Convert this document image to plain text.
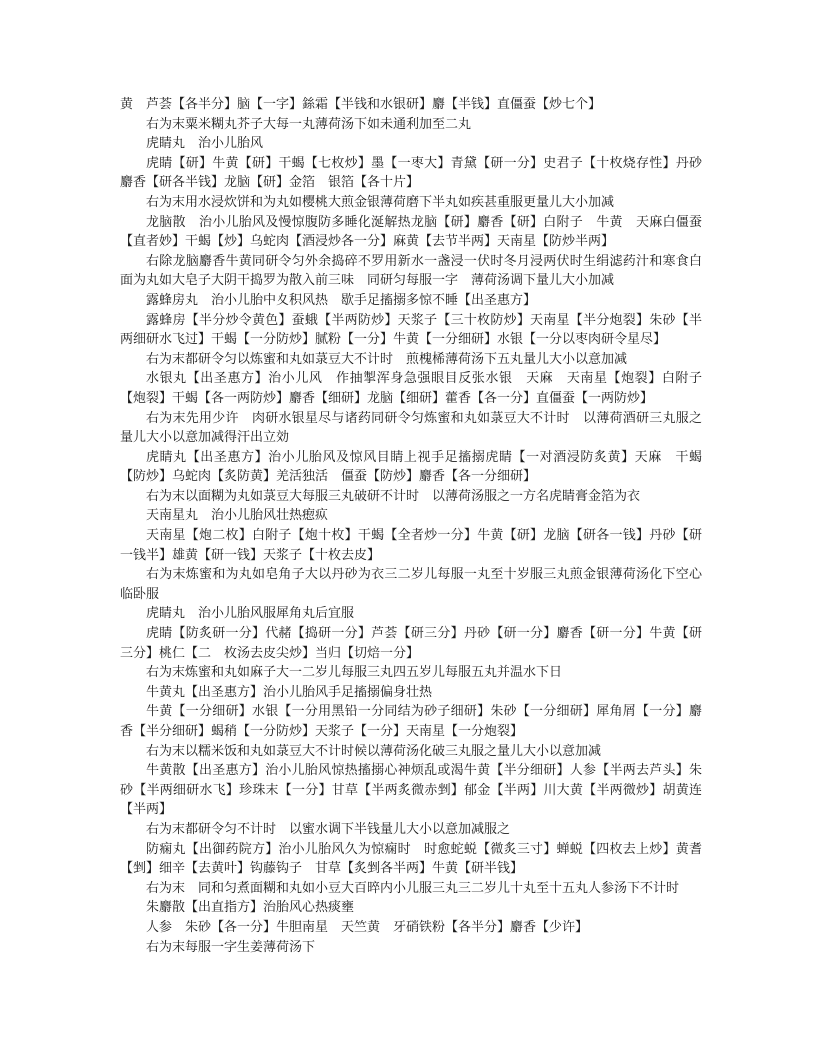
黄　芦荟【各半分】脑【一字】銯霜【半钱和水银研】麝【半钱】直僵蚕【炒七个】

右为末粟米糊丸芥子大每一丸薄荷汤下如未通利加至二丸

虎睛丸　治小儿胎风

虎睛【研】牛黄【研】干蝎【七枚炒】墨【一枣大】青黛【研一分】史君子【十枚烧存性】丹砂　麝香【研各半钱】龙脑【研】金箔　银箔【各十片】

右为末用水浸炊饼和为丸如樱桃大煎金银薄荷磨下半丸如疾甚重服更量儿大小加减

龙脑散　治小儿胎风及慢惊腹防多睡化涎解热龙脑【研】麝香【研】白附子　牛黄　天麻白僵蚕【直者妙】干蝎【炒】乌蛇肉【酒浸炒各一分】麻黄【去节半两】天南星【防炒半两】

右除龙脑麝香牛黄同研令匀外余捣碎不罗用新水一盏浸一伏时冬月浸两伏时生绢滤药汁和寒食白面为丸如大皂子大阴干捣罗为散入前三味　同研匀每服一字　薄荷汤调下量儿大小加减

露蜂房丸　治小儿胎中夊积风热　歇手足搐搦多惊不睡【出圣惠方】

露蜂房【半分炒令黄色】蚕蛾【半两防炒】天浆子【三十枚防炒】天南星【半分炮裂】朱砂【半两细研水飞过】干蝎【一分防炒】腻粉【一分】牛黄【一分细研】水银【一分以枣肉研令星尽】

右为末都研令匀以炼蜜和丸如菉豆大不计时　煎槐桸薄荷汤下五丸量儿大小以意加减

水银丸【出圣惠方】治小儿风　作抽掣浑身急强眼目反张水银　天麻　天南星【炮裂】白附子【炮裂】干蝎【各一两防炒】麝香【细研】龙脑【细研】藿香【各一分】直僵蚕【一两防炒】

右为末先用少许　肉研水银星尽与诸药同研令匀炼蜜和丸如菉豆大不计时　以薄荷酒研三丸服之量儿大小以意加减得汗出立効

虎睛丸【出圣惠方】治小儿胎风及惊风目睛上视手足搐搦虎睛【一对酒浸防炙黄】天麻　干蝎【防炒】乌蛇肉【炙防黄】羌活独活　僵蚕【防炒】麝香【各一分细研】

右为末以面糊为丸如菉豆大每服三丸破研不计时　以薄荷汤服之一方名虎睛膏金箔为衣

天南星丸　治小儿胎风壮热瘛疭

天南星【炮二枚】白附子【炮十枚】干蝎【全者炒一分】牛黄【研】龙脑【研各一钱】丹砂【研一钱半】雄黄【研一钱】天浆子【十枚去皮】

右为末炼蜜和为丸如皂角子大以丹砂为衣三二岁儿每服一丸至十岁服三丸煎金银薄荷汤化下空心临卧服

虎睛丸　治小儿胎风服犀角丸后宜服

虎睛【防炙研一分】代赭【捣研一分】芦荟【研三分】丹砂【研一分】麝香【研一分】牛黄【研三分】桃仁【二　枚汤去皮尖炒】当归【切焙一分】

右为末炼蜜和丸如麻子大一二岁儿每服三丸四五岁儿每服五丸并温水下日

牛黄丸【出圣惠方】治小儿胎风手足搐搦偏身壮热

牛黄【一分细研】水银【一分用黑铅一分同结为砂子细研】朱砂【一分细研】犀角屑【一分】麝香【半分细研】蝎稍【一分防炒】天浆子【一分】天南星【一分炮裂】

右为末以糯米饭和丸如菉豆大不计时候以薄荷汤化破三丸服之量儿大小以意加减

牛黄散【出圣惠方】治小儿胎风惊热搐搦心神烦乱或渴牛黄【半分细研】人参【半两去芦头】朱砂【半两细研水飞】珍珠末【一分】甘草【半两炙微赤剉】郁金【半两】川大黄【半两微炒】胡黄连【半两】

右为末都研令匀不计时　以蜜水调下半钱量儿大小以意加减服之

防痫丸【出御药院方】治小儿胎风久为惊痫时　时愈蛇蜕【微炙三寸】蝉蜕【四枚去上炒】黄耆【剉】细辛【去黄叶】钩藤钩子　甘草【炙剉各半两】牛黄【研半钱】

右为末　同和匀煮面糊和丸如小豆大百晬内小儿服三丸三二岁儿十丸至十五丸人参汤下不计时

朱麝散【出直指方】治胎风心热痰壅

人参　朱砂【各一分】牛胆南星　天竺黄　牙硝铁粉【各半分】麝香【少许】

右为末每服一字生姜薄荷汤下
